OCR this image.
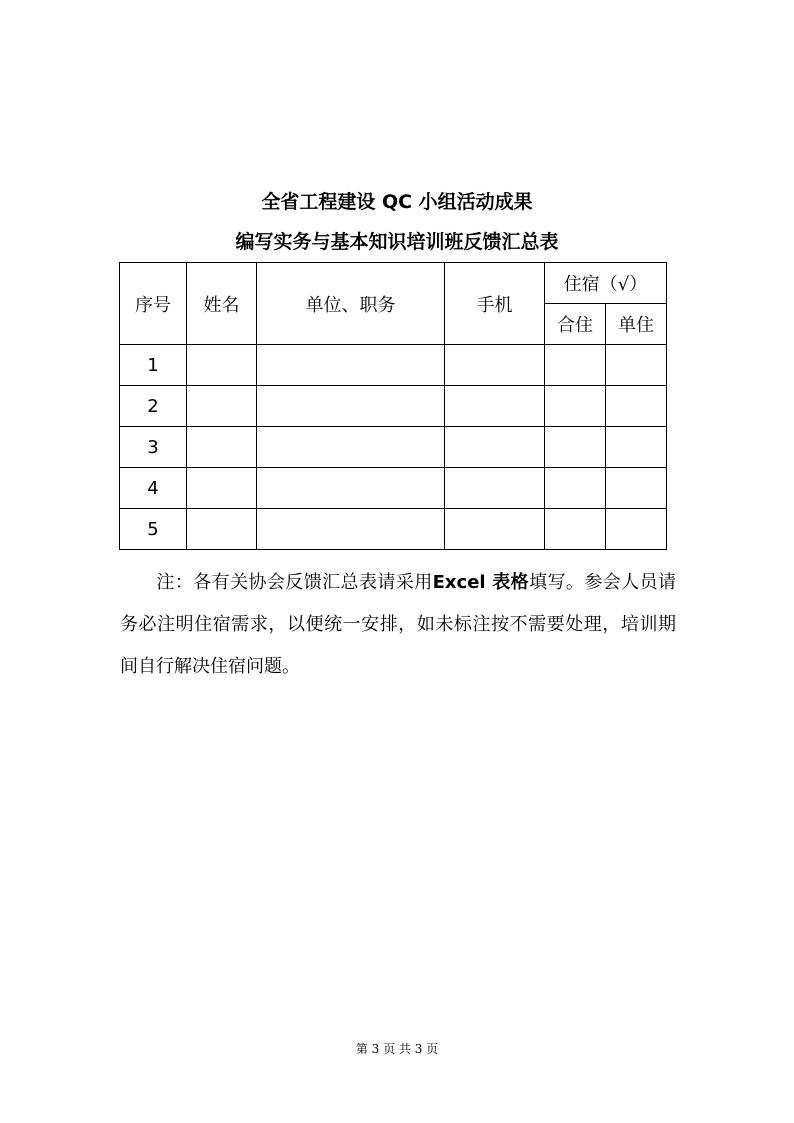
全省工程建设 QC 小组活动成果
编写实务与基本知识培训班反馈汇总表
序号	姓名	单位、职务	手机	住宿（√）	
				合住	单住
1					
2					
3					
4					
5					
注：各有关协会反馈汇总表请采用Excel 表格填写。参会人员请务必注明住宿需求，以便统一安排，如未标注按不需要处理，培训期间自行解决住宿问题。
第 3 页 共 3 页
